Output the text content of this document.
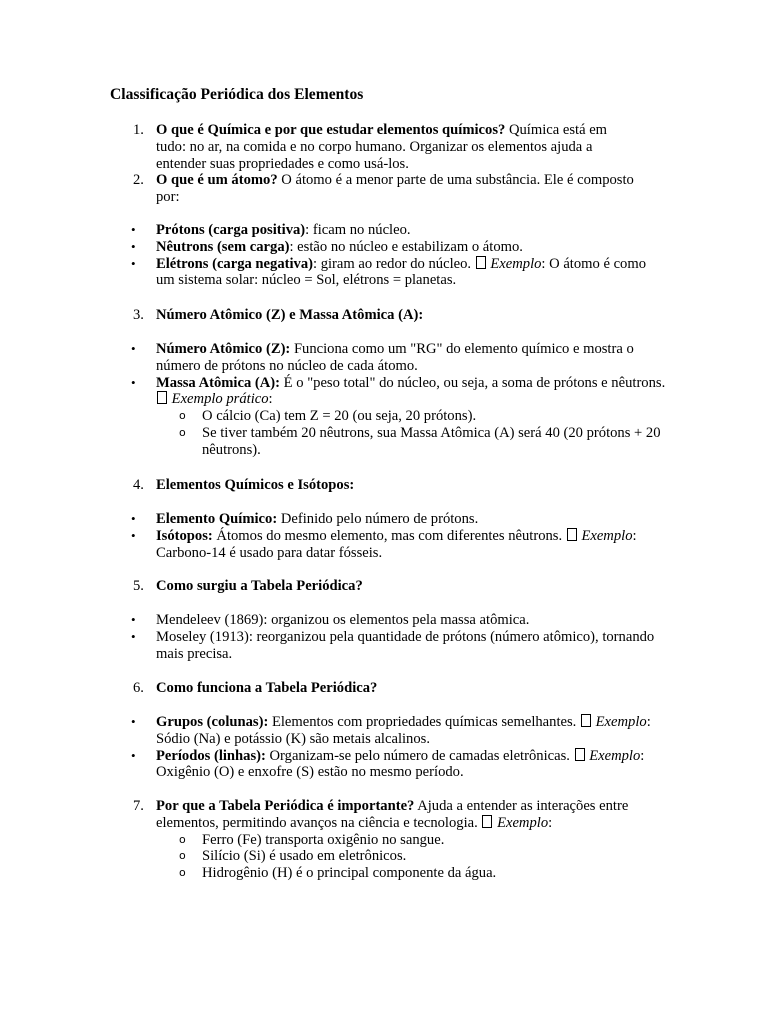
Classificação Periódica dos Elementos
1. O que é Química e por que estudar elementos químicos? Química está em tudo: no ar, na comida e no corpo humano. Organizar os elementos ajuda a entender suas propriedades e como usá-los.
2. O que é um átomo? O átomo é a menor parte de uma substância. Ele é composto por:
• Prótons (carga positiva): ficam no núcleo.
• Nêutrons (sem carga): estão no núcleo e estabilizam o átomo.
• Elétrons (carga negativa): giram ao redor do núcleo.  Exemplo: O átomo é como um sistema solar: núcleo = Sol, elétrons = planetas.
3. Número Atômico (Z) e Massa Atômica (A):
• Número Atômico (Z): Funciona como um "RG" do elemento químico e mostra o número de prótons no núcleo de cada átomo.
• Massa Atômica (A): É o "peso total" do núcleo, ou seja, a soma de prótons e nêutrons.  Exemplo prático:
o O cálcio (Ca) tem Z = 20 (ou seja, 20 prótons).
o Se tiver também 20 nêutrons, sua Massa Atômica (A) será 40 (20 prótons + 20 nêutrons).
4. Elementos Químicos e Isótopos:
• Elemento Químico: Definido pelo número de prótons.
• Isótopos: Átomos do mesmo elemento, mas com diferentes nêutrons.  Exemplo: Carbono-14 é usado para datar fósseis.
5. Como surgiu a Tabela Periódica?
• Mendeleev (1869): organizou os elementos pela massa atômica.
• Moseley (1913): reorganizou pela quantidade de prótons (número atômico), tornando mais precisa.
6. Como funciona a Tabela Periódica?
• Grupos (colunas): Elementos com propriedades químicas semelhantes.  Exemplo: Sódio (Na) e potássio (K) são metais alcalinos.
• Períodos (linhas): Organizam-se pelo número de camadas eletrônicas.  Exemplo: Oxigênio (O) e enxofre (S) estão no mesmo período.
7. Por que a Tabela Periódica é importante? Ajuda a entender as interações entre elementos, permitindo avanços na ciência e tecnologia.  Exemplo:
o Ferro (Fe) transporta oxigênio no sangue.
o Silício (Si) é usado em eletrônicos.
o Hidrogênio (H) é o principal componente da água.
